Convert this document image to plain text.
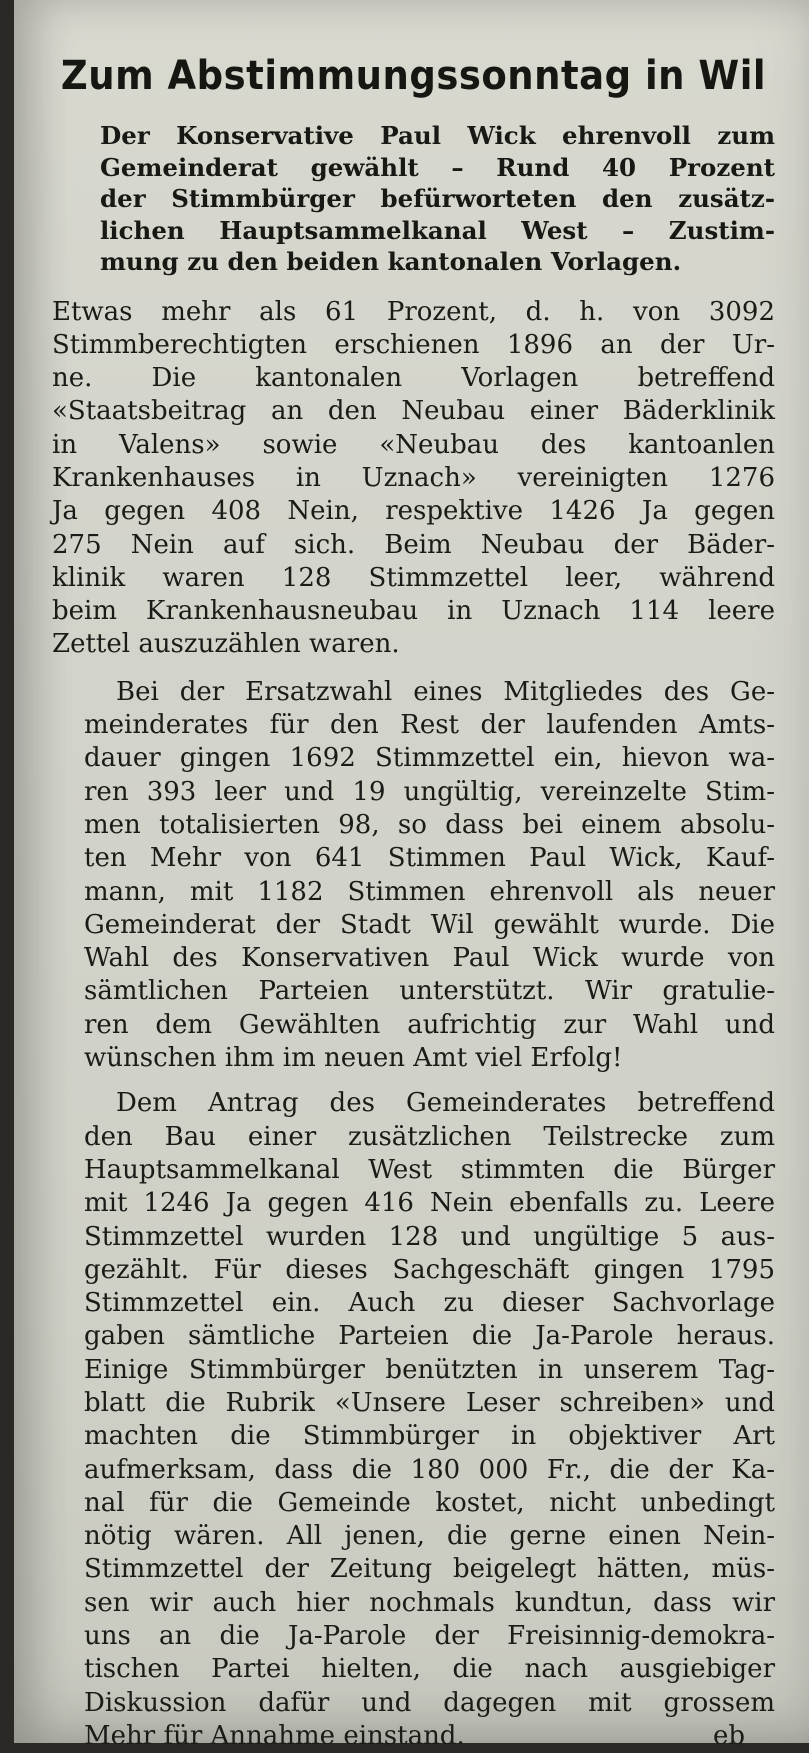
Zum Abstimmungssonntag in Wil
Der Konservative Paul Wick ehrenvoll zum
Gemeinderat gewählt – Rund 40 Prozent
der Stimmbürger befürworteten den zusätz-
lichen Hauptsammelkanal West – Zustim-
mung zu den beiden kantonalen Vorlagen.

Etwas mehr als 61 Prozent, d. h. von 3092
Stimmberechtigten erschienen 1896 an der Ur-
ne. Die kantonalen Vorlagen betreffend
«Staatsbeitrag an den Neubau einer Bäderklinik
in Valens» sowie «Neubau des kantoanlen
Krankenhauses in Uznach» vereinigten 1276
Ja gegen 408 Nein, respektive 1426 Ja gegen
275 Nein auf sich. Beim Neubau der Bäder-
klinik waren 128 Stimmzettel leer, während
beim Krankenhausneubau in Uznach 114 leere
Zettel auszuzählen waren.

Bei der Ersatzwahl eines Mitgliedes des Ge-
meinderates für den Rest der laufenden Amts-
dauer gingen 1692 Stimmzettel ein, hievon wa-
ren 393 leer und 19 ungültig, vereinzelte Stim-
men totalisierten 98, so dass bei einem absolu-
ten Mehr von 641 Stimmen Paul Wick, Kauf-
mann, mit 1182 Stimmen ehrenvoll als neuer
Gemeinderat der Stadt Wil gewählt wurde. Die
Wahl des Konservativen Paul Wick wurde von
sämtlichen Parteien unterstützt. Wir gratulie-
ren dem Gewählten aufrichtig zur Wahl und
wünschen ihm im neuen Amt viel Erfolg!

Dem Antrag des Gemeinderates betreffend
den Bau einer zusätzlichen Teilstrecke zum
Hauptsammelkanal West stimmten die Bürger
mit 1246 Ja gegen 416 Nein ebenfalls zu. Leere
Stimmzettel wurden 128 und ungültige 5 aus-
gezählt. Für dieses Sachgeschäft gingen 1795
Stimmzettel ein. Auch zu dieser Sachvorlage
gaben sämtliche Parteien die Ja-Parole heraus.
Einige Stimmbürger benützten in unserem Tag-
blatt die Rubrik «Unsere Leser schreiben» und
machten die Stimmbürger in objektiver Art
aufmerksam, dass die 180 000 Fr., die der Ka-
nal für die Gemeinde kostet, nicht unbedingt
nötig wären. All jenen, die gerne einen Nein-
Stimmzettel der Zeitung beigelegt hätten, müs-
sen wir auch hier nochmals kundtun, dass wir
uns an die Ja-Parole der Freisinnig-demokra-
tischen Partei hielten, die nach ausgiebiger
Diskussion dafür und dagegen mit grossem
Mehr für Annahme einstand.	eb
